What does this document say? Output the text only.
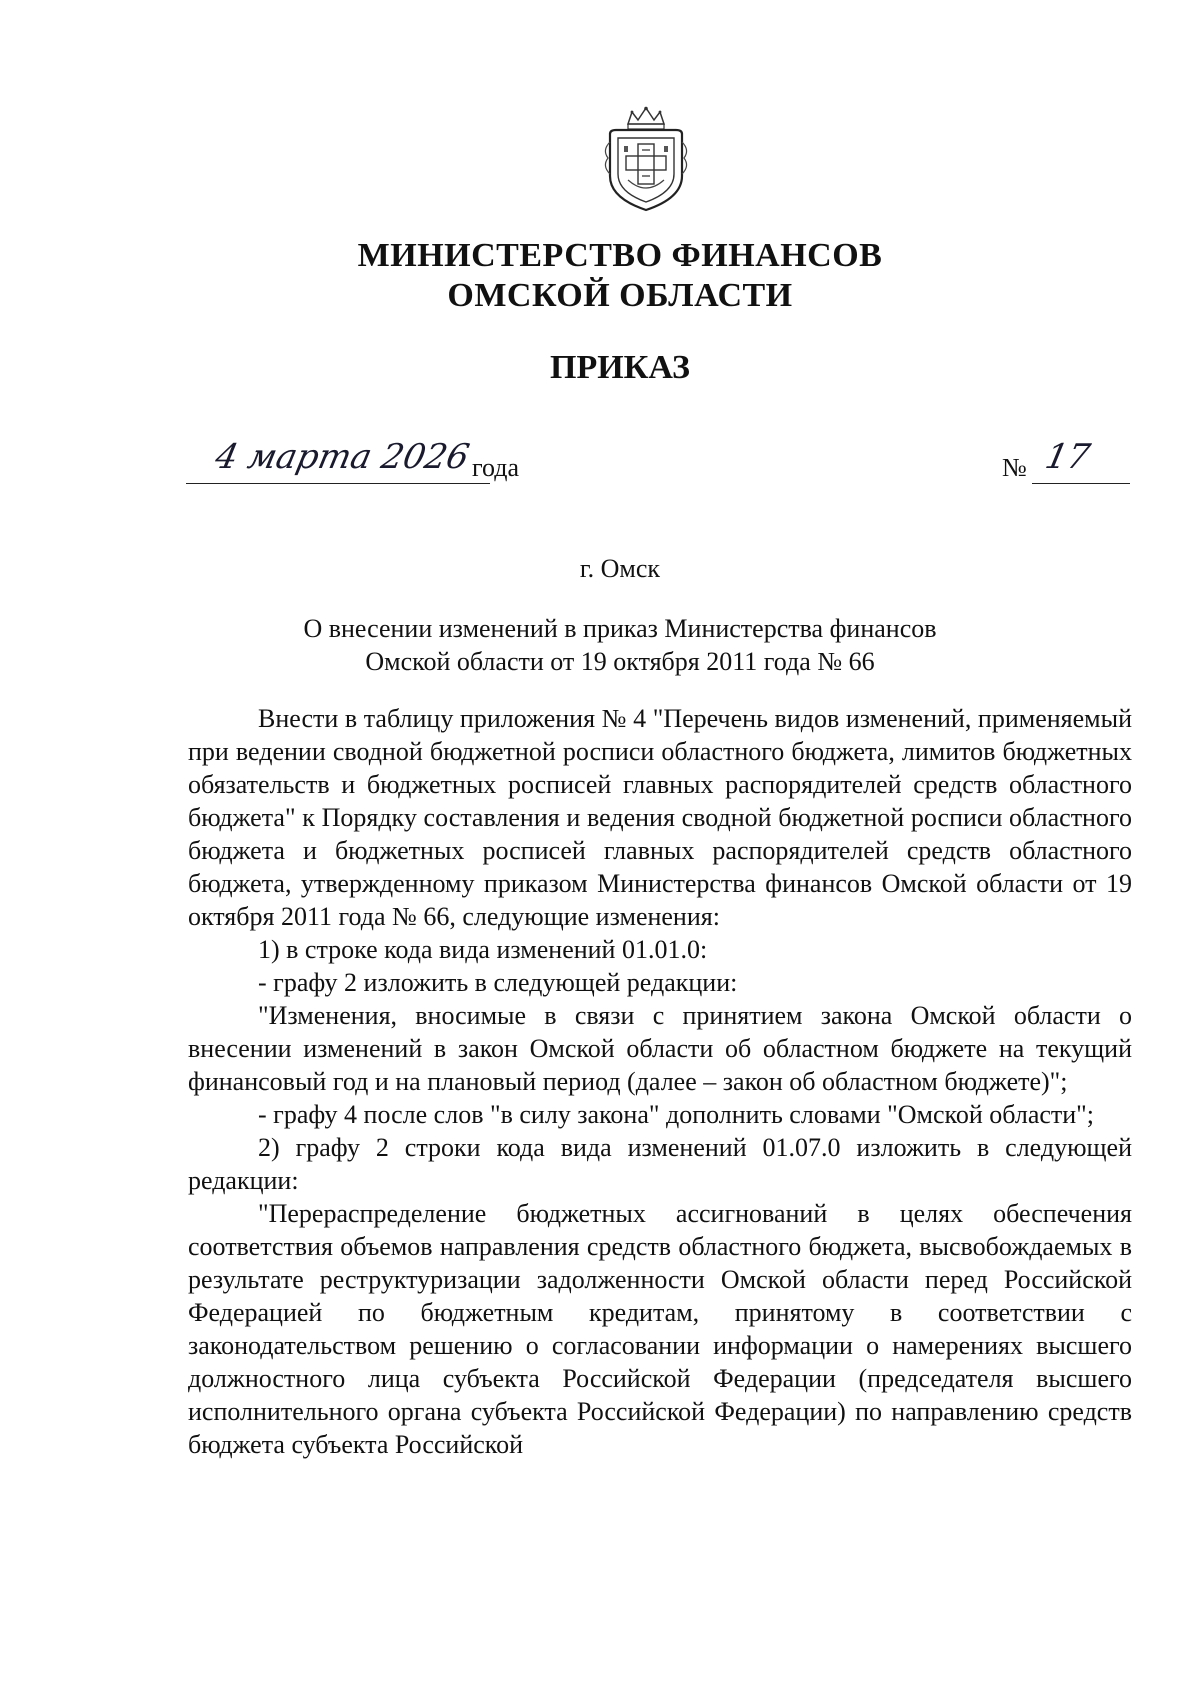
МИНИСТЕРСТВО ФИНАНСОВ
ОМСКОЙ ОБЛАСТИ
ПРИКАЗ
4 марта 2026 года	№ 17
г. Омск
О внесении изменений в приказ Министерства финансов
Омской области от 19 октября 2011 года № 66

Внести в таблицу приложения № 4 "Перечень видов изменений, применяемый при ведении сводной бюджетной росписи областного бюджета, лимитов бюджетных обязательств и бюджетных росписей главных распорядителей средств областного бюджета" к Порядку составления и ведения сводной бюджетной росписи областного бюджета и бюджетных росписей главных распорядителей средств областного бюджета, утвержденному приказом Министерства финансов Омской области от 19 октября 2011 года № 66, следующие изменения:

1) в строке кода вида изменений 01.01.0:

- графу 2 изложить в следующей редакции:

"Изменения, вносимые в связи с принятием закона Омской области о внесении изменений в закон Омской области об областном бюджете на текущий финансовый год и на плановый период (далее – закон об областном бюджете)";

- графу 4 после слов "в силу закона" дополнить словами "Омской области";

2) графу 2 строки кода вида изменений 01.07.0 изложить в следующей редакции:

"Перераспределение бюджетных ассигнований в целях обеспечения соответствия объемов направления средств областного бюджета, высвобождаемых в результате реструктуризации задолженности Омской области перед Российской Федерацией по бюджетным кредитам, принятому в соответствии с законодательством решению о согласовании информации о намерениях высшего должностного лица субъекта Российской Федерации (председателя высшего исполнительного органа субъекта Российской Федерации) по направлению средств бюджета субъекта Российской
